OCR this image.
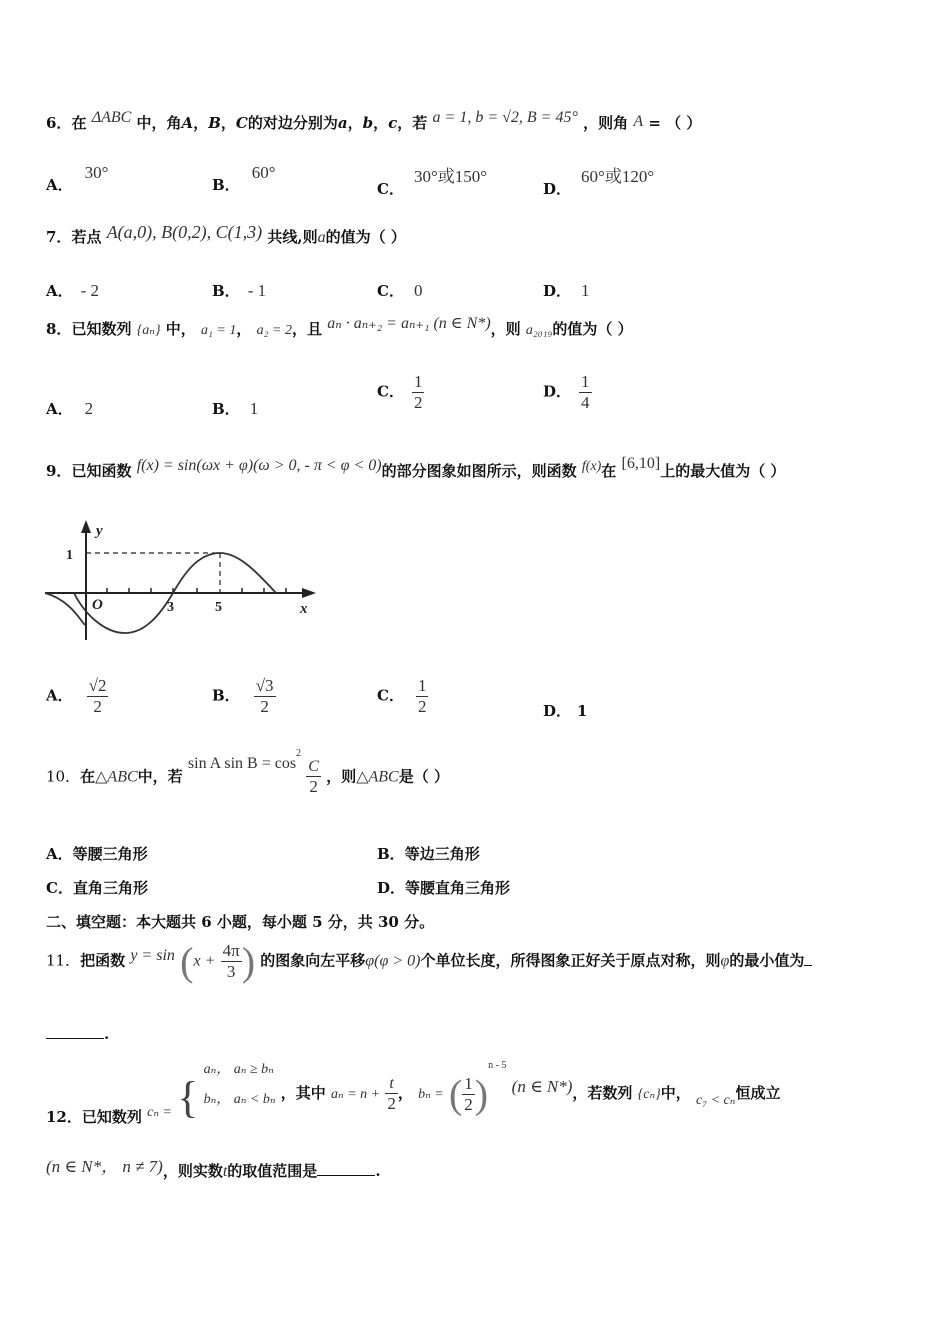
6．在 ΔABC 中，角A，B，C的对边分别为a，b，c，若 a = 1, b = √2, B = 45° ，则角 A = （ ）
A．30°
B．60°
C．30°或150°
D．60°或120°
7．若点 A(a,0), B(0,2), C(1,3) 共线,则a的值为（ ）
A． - 2	B． - 1	C． 0	D． 1
8．已知数列 {aₙ} 中， a₁ = 1， a₂ = 2，且 aₙ · aₙ₊₂ = aₙ₊₁ (n ∈ N*)，则 a₂₀₁₉的值为（ ）
A． 2	B． 1
C． $\frac{1}{2}$	D． $\frac{1}{4}$
9．已知函数 f(x) = sin(ωx + φ)(ω > 0, - π < φ < 0)的部分图象如图所示，则函数 f(x)在 [6,10]上的最大值为（ ）
y
x
O
1
3	5
A． $\frac{√2}{2}$	B． $\frac{√3}{2}$	C． $\frac{1}{2}$	D． 1
10．在△ABC中，若 sin A $\sin B = \cos^2$
$\frac{C}{2}$ ，则△ABC是（ ）
A．等腰三角形	B．等边三角形
C．直角三角形	D．等腰直角三角形
二、填空题：本大题共 6 小题，每小题 5 分，共 30 分。
11．把函数 $y = \sin (x + \frac{4\pi}{3}$ ) 的图象向左平移φ(φ > 0)个单位长度，所得图象正好关于原点对称，则φ的最小值为
.
12．已知数列 cₙ = {
aₙ， aₙ ≥ bₙ
bₙ， aₙ < bₙ ，其中 $a_n = n + \frac{t}{2}$ ， bₙ = ( $\frac{1}{2} )^{n - 5}$ (n ∈ N*)，若数列 {cₙ}中， c₇ < cₙ恒成立
(n ∈ N*， n ≠ 7)，则实数t的取值范围是	.
